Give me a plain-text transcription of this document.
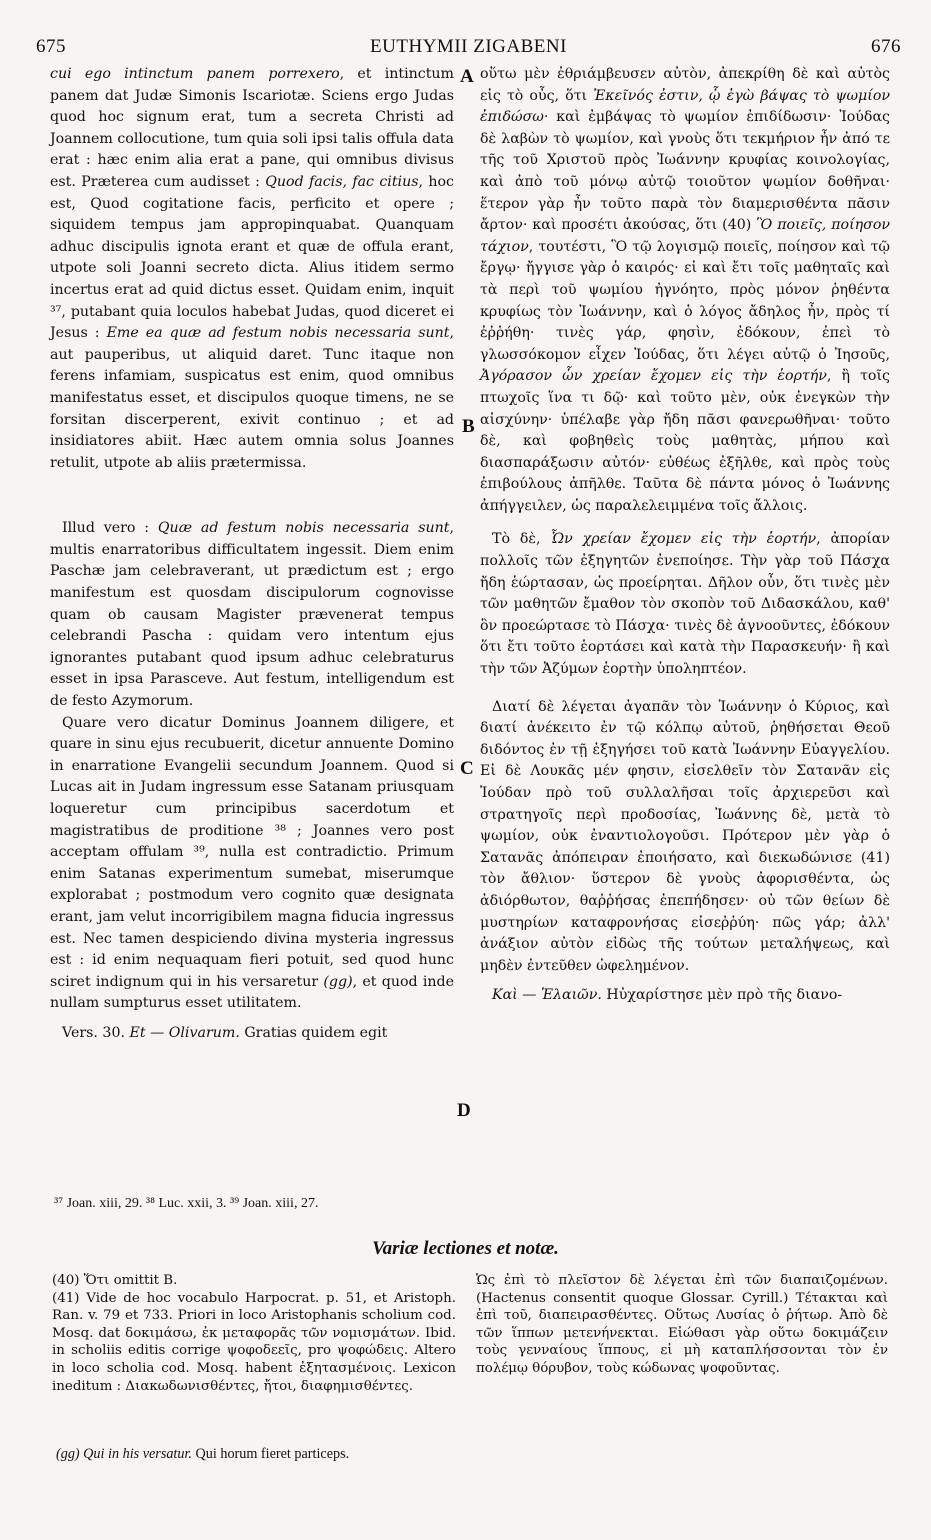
675	EUTHYMII ZIGABENI	676

cui ego intinctum panem porrexero, et intinctum panem dat Judæ Simonis Iscariotæ. Sciens ergo Judas quod hoc signum erat, tum a secreta Christi ad Joannem collocutione, tum quia soli ipsi talis offula data erat : hæc enim alia erat a pane, qui omnibus divisus est. Præterea cum audisset : Quod facis, fac citius, hoc est, Quod cogitatione facis, perficito et opere ; siquidem tempus jam appropinquabat. Quanquam adhuc discipulis ignota erant et quæ de offula erant, utpote soli Joanni secreto dicta. Alius itidem sermo incertus erat ad quid dictus esset. Quidam enim, inquit ³⁷, putabant quia loculos habebat Judas, quod diceret ei Jesus : Eme ea quæ ad festum nobis necessaria sunt, aut pauperibus, ut aliquid daret. Tunc itaque non ferens infamiam, suspicatus est enim, quod omnibus manifestatus esset, et discipulos quoque timens, ne se forsitan discerperent, exivit continuo ; et ad insidiatores abiit. Hæc autem omnia solus Joannes retulit, utpote ab aliis prætermissa.

Illud vero : Quæ ad festum nobis necessaria sunt, multis enarratoribus difficultatem ingessit. Diem enim Paschæ jam celebraverant, ut prædictum est ; ergo manifestum est quosdam discipulorum cognovisse quam ob causam Magister prævenerat tempus celebrandi Pascha : quidam vero intentum ejus ignorantes putabant quod ipsum adhuc celebraturus esset in ipsa Parasceve. Aut festum, intelligendum est de festo Azymorum.

Quare vero dicatur Dominus Joannem diligere, et quare in sinu ejus recubuerit, dicetur annuente Domino in enarratione Evangelii secundum Joannem. Quod si Lucas ait in Judam ingressum esse Satanam priusquam loqueretur cum principibus sacerdotum et magistratibus de proditione ³⁸ ; Joannes vero post acceptam offulam ³⁹, nulla est contradictio. Primum enim Satanas experimentum sumebat, miserumque explorabat ; postmodum vero cognito quæ designata erant, jam velut incorrigibilem magna fiducia ingressus est. Nec tamen despiciendo divina mysteria ingressus est : id enim nequaquam fieri potuit, sed quod hunc sciret indignum qui in his versaretur (gg), et quod inde nullam sumpturus esset utilitatem.

Vers. 30. Et — Olivarum. Gratias quidem egit

οὕτω μὲν ἐθριάμβευσεν αὐτὸν, ἀπεκρίθη δὲ καὶ αὐτὸς εἰς τὸ οὖς, ὅτι Ἐκεῖνός ἐστιν, ᾧ ἐγὼ βάψας τὸ ψωμίον ἐπιδώσω· καὶ ἐμβάψας τὸ ψωμίον ἐπιδίδωσιν· Ἰούδας δὲ λαβὼν τὸ ψωμίον, καὶ γνοὺς ὅτι τεκμήριον ἦν ἀπό τε τῆς τοῦ Χριστοῦ πρὸς Ἰωάννην κρυφίας κοινολογίας, καὶ ἀπὸ τοῦ μόνῳ αὐτῷ τοιοῦτον ψωμίον δοθῆναι· ἕτερον γὰρ ἦν τοῦτο παρὰ τὸν διαμερισθέντα πᾶσιν ἄρτον· καὶ προσέτι ἀκούσας, ὅτι (40) Ὃ ποιεῖς, ποίησον τάχιον, τουτέστι, Ὃ τῷ λογισμῷ ποιεῖς, ποίησον καὶ τῷ ἔργῳ· ἤγγισε γὰρ ὁ καιρός· εἰ καὶ ἔτι τοῖς μαθηταῖς καὶ τὰ περὶ τοῦ ψωμίου ἠγνόητο, πρὸς μόνον ῥηθέντα κρυφίως τὸν Ἰωάννην, καὶ ὁ λόγος ἄδηλος ἦν, πρὸς τί ἐῤῥήθη· τινὲς γάρ, φησὶν, ἐδόκουν, ἐπεὶ τὸ γλωσσόκομον εἶχεν Ἰούδας, ὅτι λέγει αὐτῷ ὁ Ἰησοῦς, Ἀγόρασον ὧν χρείαν ἔχομεν εἰς τὴν ἑορτήν, ἢ τοῖς πτωχοῖς ἵνα τι δῷ· καὶ τοῦτο μὲν, οὐκ ἐνεγκὼν τὴν αἰσχύνην· ὑπέλαβε γὰρ ἤδη πᾶσι φανερωθῆναι· τοῦτο δὲ, καὶ φοβηθεὶς τοὺς μαθητὰς, μήπου καὶ διασπαράξωσιν αὐτόν· εὐθέως ἐξῆλθε, καὶ πρὸς τοὺς ἐπιβούλους ἀπῆλθε. Ταῦτα δὲ πάντα μόνος ὁ Ἰωάννης ἀπήγγειλεν, ὡς παραλελειμμένα τοῖς ἄλλοις.

Τὸ δὲ, Ὧν χρείαν ἔχομεν εἰς τὴν ἑορτήν, ἀπορίαν πολλοῖς τῶν ἐξηγητῶν ἐνεποίησε. Τὴν γὰρ τοῦ Πάσχα ἤδη ἑώρτασαν, ὡς προείρηται. Δῆλον οὖν, ὅτι τινὲς μὲν τῶν μαθητῶν ἔμαθον τὸν σκοπὸν τοῦ Διδασκάλου, καθ' ὃν προεώρτασε τὸ Πάσχα· τινὲς δὲ ἀγνοοῦντες, ἐδόκουν ὅτι ἔτι τοῦτο ἑορτάσει καὶ κατὰ τὴν Παρασκευήν· ἢ καὶ τὴν τῶν Ἀζύμων ἑορτὴν ὑποληπτέον.

Διατί δὲ λέγεται ἀγαπᾶν τὸν Ἰωάννην ὁ Κύριος, καὶ διατί ἀνέκειτο ἐν τῷ κόλπῳ αὐτοῦ, ῥηθήσεται Θεοῦ διδόντος ἐν τῇ ἐξηγήσει τοῦ κατὰ Ἰωάννην Εὐαγγελίου. Εἰ δὲ Λουκᾶς μέν φησιν, εἰσελθεῖν τὸν Σατανᾶν εἰς Ἰούδαν πρὸ τοῦ συλλαλῆσαι τοῖς ἀρχιερεῦσι καὶ στρατηγοῖς περὶ προδοσίας, Ἰωάννης δὲ, μετὰ τὸ ψωμίον, οὐκ ἐναντιολογοῦσι. Πρότερον μὲν γὰρ ὁ Σατανᾶς ἀπόπειραν ἐποιήσατο, καὶ διεκωδώνισε (41) τὸν ἄθλιον· ὕστερον δὲ γνοὺς ἀφορισθέντα, ὡς ἀδιόρθωτον, θαῤῥήσας ἐπεπήδησεν· οὐ τῶν θείων δὲ μυστηρίων καταφρονήσας εἰσεῤῥύη· πῶς γάρ; ἀλλ' ἀνάξιον αὐτὸν εἰδὼς τῆς τούτων μεταλήψεως, καὶ μηδὲν ἐντεῦθεν ὠφελημένον.

Καὶ — Ἐλαιῶν. Ηὐχαρίστησε μὲν πρὸ τῆς διανο-

A
B
C
D
³⁷ Joan. xiii, 29. ³⁸ Luc. xxii, 3. ³⁹ Joan. xiii, 27.
Variæ lectiones et notæ.

(40) Ὅτι omittit B.

(41) Vide de hoc vocabulo Harpocrat. p. 51, et Aristoph. Ran. v. 79 et 733. Priori in loco Aristophanis scholium cod. Mosq. dat δοκιμάσω, ἐκ μεταφορᾶς τῶν νομισμάτων. Ibid. in scholiis editis corrige ψοφοδεεῖς, pro ψοφώδεις. Altero in loco scholia cod. Mosq. habent ἐξητασμένοις. Lexicon ineditum : Διακωδωνισθέντες, ἤτοι, διαφημισθέντες.

Ὡς ἐπὶ τὸ πλεῖστον δὲ λέγεται ἐπὶ τῶν διαπαιζομένων. (Hactenus consentit quoque Glossar. Cyrill.) Τέτακται καὶ ἐπὶ τοῦ, διαπειρασθέντες. Οὕτως Λυσίας ὁ ῥήτωρ. Ἀπὸ δὲ τῶν ἵππων μετενήνεκται. Εἰώθασι γὰρ οὕτω δοκιμάζειν τοὺς γενναίους ἵππους, εἰ μὴ καταπλήσσονται τὸν ἐν πολέμῳ θόρυβον, τοὺς κώδωνας ψοφοῦντας.

(gg) Qui in his versatur. Qui horum fieret particeps.
